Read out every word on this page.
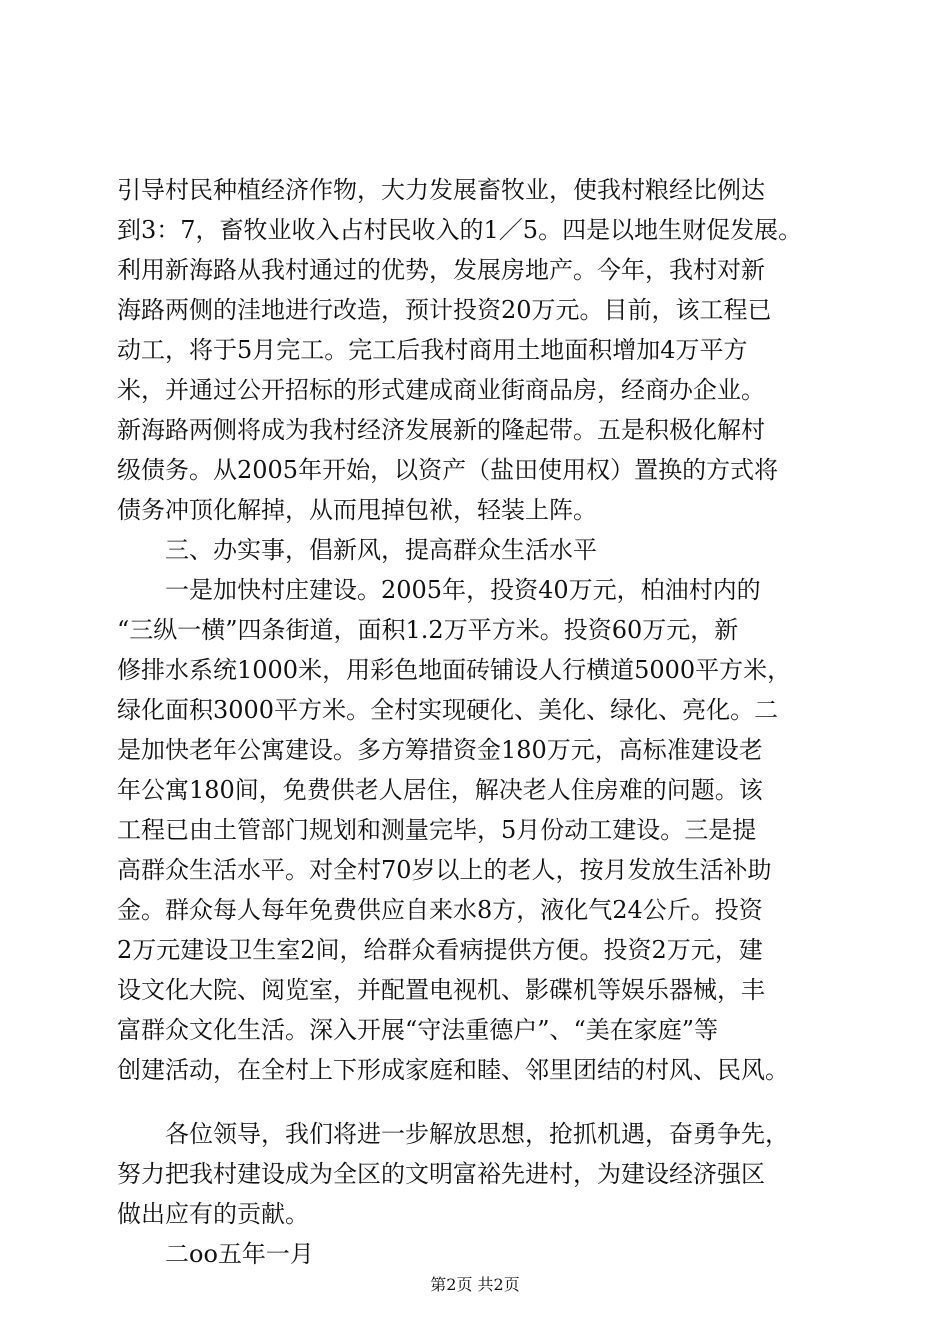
引导村民种植经济作物，大力发展畜牧业，使我村粮经比例达
到3：7，畜牧业收入占村民收入的1／5。四是以地生财促发展。
利用新海路从我村通过的优势，发展房地产。今年，我村对新
海路两侧的洼地进行改造，预计投资20万元。目前，该工程已
动工，将于5月完工。完工后我村商用土地面积增加4万平方
米，并通过公开招标的形式建成商业街商品房，经商办企业。
新海路两侧将成为我村经济发展新的隆起带。五是积极化解村
级债务。从2005年开始，以资产（盐田使用权）置换的方式将
债务冲顶化解掉，从而甩掉包袱，轻装上阵。
　　三、办实事，倡新风，提高群众生活水平
　　一是加快村庄建设。2005年，投资40万元，柏油村内的
“三纵一横”四条街道，面积1.2万平方米。投资60万元，新
修排水系统1000米，用彩色地面砖铺设人行横道5000平方米，
绿化面积3000平方米。全村实现硬化、美化、绿化、亮化。二
是加快老年公寓建设。多方筹措资金180万元，高标准建设老
年公寓180间，免费供老人居住，解决老人住房难的问题。该
工程已由土管部门规划和测量完毕，5月份动工建设。三是提
高群众生活水平。对全村70岁以上的老人，按月发放生活补助
金。群众每人每年免费供应自来水8方，液化气24公斤。投资
2万元建设卫生室2间，给群众看病提供方便。投资2万元，建
设文化大院、阅览室，并配置电视机、影碟机等娱乐器械，丰
富群众文化生活。深入开展“守法重德户”、“美在家庭”等
创建活动，在全村上下形成家庭和睦、邻里团结的村风、民风。
　　各位领导，我们将进一步解放思想，抢抓机遇，奋勇争先，
努力把我村建设成为全区的文明富裕先进村，为建设经济强区
做出应有的贡献。
　　二oo五年一月
第2页 共2页
